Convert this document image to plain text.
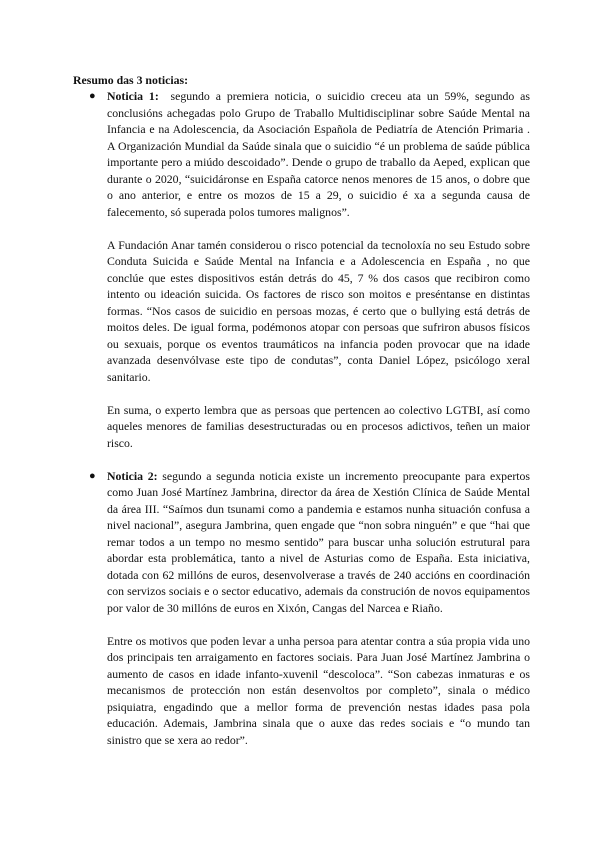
Resumo das 3 noticias:
● Noticia 1: segundo a premiera noticia, o suicidio creceu ata un 59%, segundo as conclusións achegadas polo Grupo de Traballo Multidisciplinar sobre Saúde Mental na Infancia e na Adolescencia, da Asociación Española de Pediatría de Atención Primaria . A Organización Mundial da Saúde sinala que o suicidio “é un problema de saúde pública importante pero a miúdo descoidado”. Dende o grupo de traballo da Aeped, explican que durante o 2020, “suicidáronse en España catorce nenos menores de 15 anos, o dobre que o ano anterior, e entre os mozos de 15 a 29, o suicidio é xa a segunda causa de falecemento, só superada polos tumores malignos”.

A Fundación Anar tamén considerou o risco potencial da tecnoloxía no seu Estudo sobre Conduta Suicida e Saúde Mental na Infancia e a Adolescencia en España , no que conclúe que estes dispositivos están detrás do 45, 7 % dos casos que recibiron como intento ou ideación suicida. Os factores de risco son moitos e preséntanse en distintas formas. “Nos casos de suicidio en persoas mozas, é certo que o bullying está detrás de moitos deles. De igual forma, podémonos atopar con persoas que sufriron abusos físicos ou sexuais, porque os eventos traumáticos na infancia poden provocar que na idade avanzada desenvólvase este tipo de condutas”, conta Daniel López, psicólogo xeral sanitario.

En suma, o experto lembra que as persoas que pertencen ao colectivo LGTBI, así como aqueles menores de familias desestructuradas ou en procesos adictivos, teñen un maior risco.

● Noticia 2: segundo a segunda noticia existe un incremento preocupante para expertos como Juan José Martínez Jambrina, director da área de Xestión Clínica de Saúde Mental da área III. “Saímos dun tsunami como a pandemia e estamos nunha situación confusa a nivel nacional”, asegura Jambrina, quen engade que “non sobra ninguén” e que “hai que remar todos a un tempo no mesmo sentido” para buscar unha solución estrutural para abordar esta problemática, tanto a nivel de Asturias como de España. Esta iniciativa, dotada con 62 millóns de euros, desenvolverase a través de 240 accións en coordinación con servizos sociais e o sector educativo, ademais da construción de novos equipamentos por valor de 30 millóns de euros en Xixón, Cangas del Narcea e Riaño.

Entre os motivos que poden levar a unha persoa para atentar contra a súa propia vida uno dos principais ten arraigamento en factores sociais. Para Juan José Martínez Jambrina o aumento de casos en idade infanto-xuvenil “descoloca”. “Son cabezas inmaturas e os mecanismos de protección non están desenvoltos por completo”, sinala o médico psiquiatra, engadindo que a mellor forma de prevención nestas idades pasa pola educación. Ademais, Jambrina sinala que o auxe das redes sociais e “o mundo tan sinistro que se xera ao redor”.
